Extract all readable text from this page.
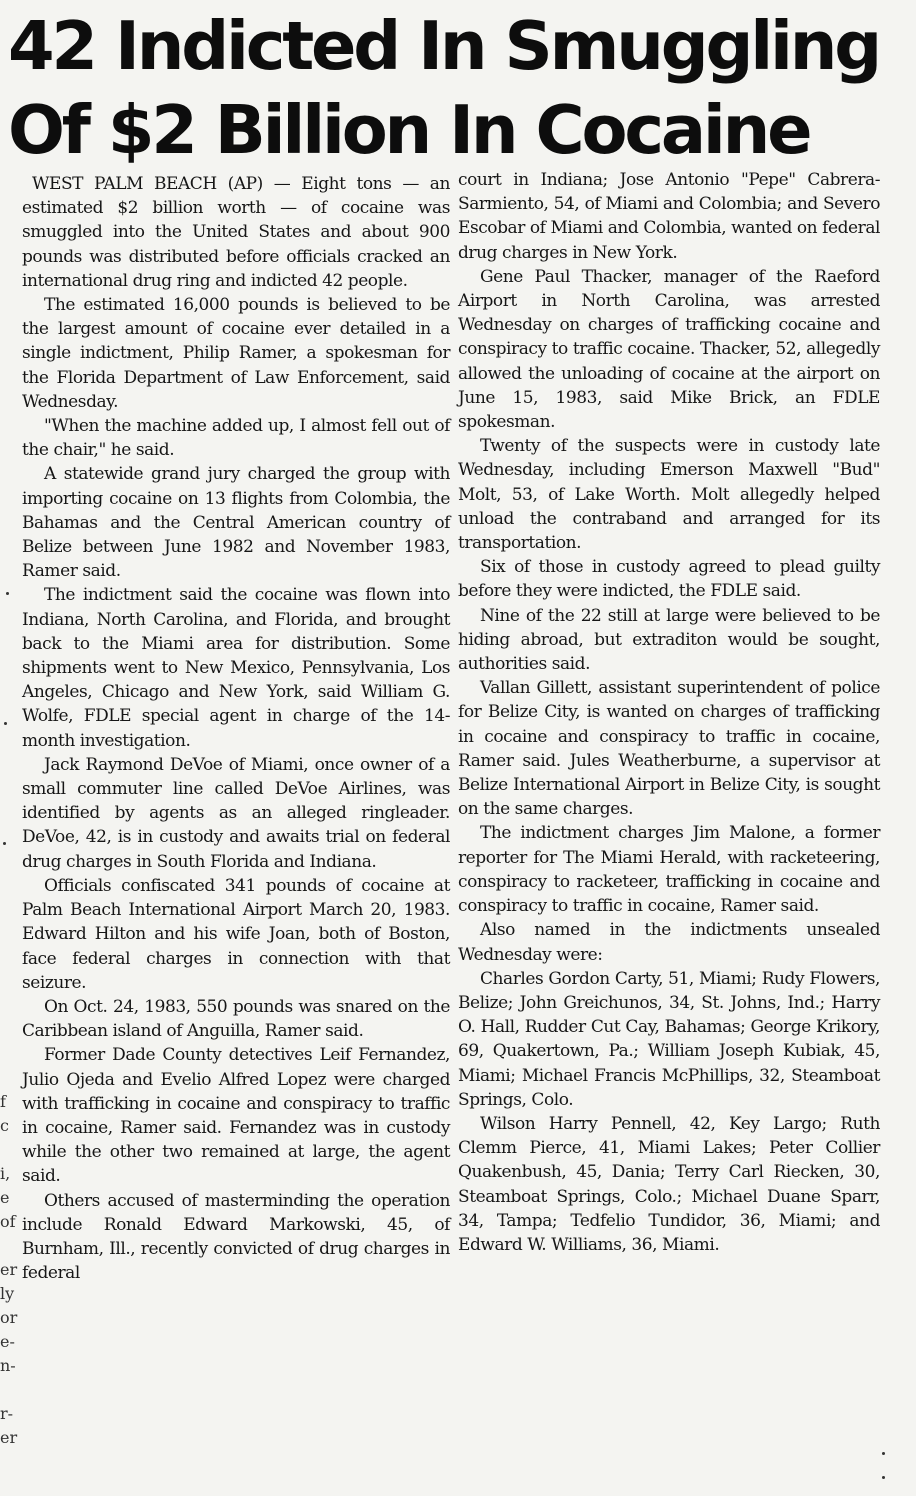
42 Indicted In Smuggling
Of $2 Billion In Cocaine

WEST PALM BEACH (AP) — Eight tons — an estimated $2 billion worth — of cocaine was smuggled into the United States and about 900 pounds was distributed before officials cracked an international drug ring and indicted 42 people.

The estimated 16,000 pounds is believed to be the largest amount of cocaine ever detailed in a single indictment, Philip Ramer, a spokesman for the Florida Department of Law Enforcement, said Wednesday.

"When the machine added up, I almost fell out of the chair," he said.

A statewide grand jury charged the group with importing cocaine on 13 flights from Colombia, the Bahamas and the Central American country of Belize between June 1982 and November 1983, Ramer said.

The indictment said the cocaine was flown into Indiana, North Carolina, and Florida, and brought back to the Miami area for distribution. Some shipments went to New Mexico, Pennsylvania, Los Angeles, Chicago and New York, said William G. Wolfe, FDLE special agent in charge of the 14-month investigation.

Jack Raymond DeVoe of Miami, once owner of a small commuter line called DeVoe Airlines, was identified by agents as an alleged ringleader. DeVoe, 42, is in custody and awaits trial on federal drug charges in South Florida and Indiana.

Officials confiscated 341 pounds of cocaine at Palm Beach International Airport March 20, 1983. Edward Hilton and his wife Joan, both of Boston, face federal charges in connection with that seizure.

On Oct. 24, 1983, 550 pounds was snared on the Caribbean island of Anguilla, Ramer said.

Former Dade County detectives Leif Fernandez, Julio Ojeda and Evelio Alfred Lopez were charged with trafficking in cocaine and conspiracy to traffic in cocaine, Ramer said. Fernandez was in custody while the other two remained at large, the agent said.

Others accused of masterminding the operation include Ronald Edward Markowski, 45, of Burnham, Ill., recently convicted of drug charges in federal

court in Indiana; Jose Antonio "Pepe" Cabrera-Sarmiento, 54, of Miami and Colombia; and Severo Escobar of Miami and Colombia, wanted on federal drug charges in New York.

Gene Paul Thacker, manager of the Raeford Airport in North Carolina, was arrested Wednesday on charges of trafficking cocaine and conspiracy to traffic cocaine. Thacker, 52, allegedly allowed the unloading of cocaine at the airport on June 15, 1983, said Mike Brick, an FDLE spokesman.

Twenty of the suspects were in custody late Wednesday, including Emerson Maxwell "Bud" Molt, 53, of Lake Worth. Molt allegedly helped unload the contraband and arranged for its transportation.

Six of those in custody agreed to plead guilty before they were indicted, the FDLE said.

Nine of the 22 still at large were believed to be hiding abroad, but extraditon would be sought, authorities said.

Vallan Gillett, assistant superintendent of police for Belize City, is wanted on charges of trafficking in cocaine and conspiracy to traffic in cocaine, Ramer said. Jules Weatherburne, a supervisor at Belize International Airport in Belize City, is sought on the same charges.

The indictment charges Jim Malone, a former reporter for The Miami Herald, with racketeering, conspiracy to racketeer, trafficking in cocaine and conspiracy to traffic in cocaine, Ramer said.

Also named in the indictments unsealed Wednesday were:

Charles Gordon Carty, 51, Miami; Rudy Flowers, Belize; John Greichunos, 34, St. Johns, Ind.; Harry O. Hall, Rudder Cut Cay, Bahamas; George Krikory, 69, Quakertown, Pa.; William Joseph Kubiak, 45, Miami; Michael Francis McPhillips, 32, Steamboat Springs, Colo.

Wilson Harry Pennell, 42, Key Largo; Ruth Clemm Pierce, 41, Miami Lakes; Peter Collier Quakenbush, 45, Dania; Terry Carl Riecken, 30, Steamboat Springs, Colo.; Michael Duane Sparr, 34, Tampa; Tedfelio Tundidor, 36, Miami; and Edward W. Williams, 36, Miami.

f
c
i,
e
of
er
ly
or
e-
n-
r-
er
